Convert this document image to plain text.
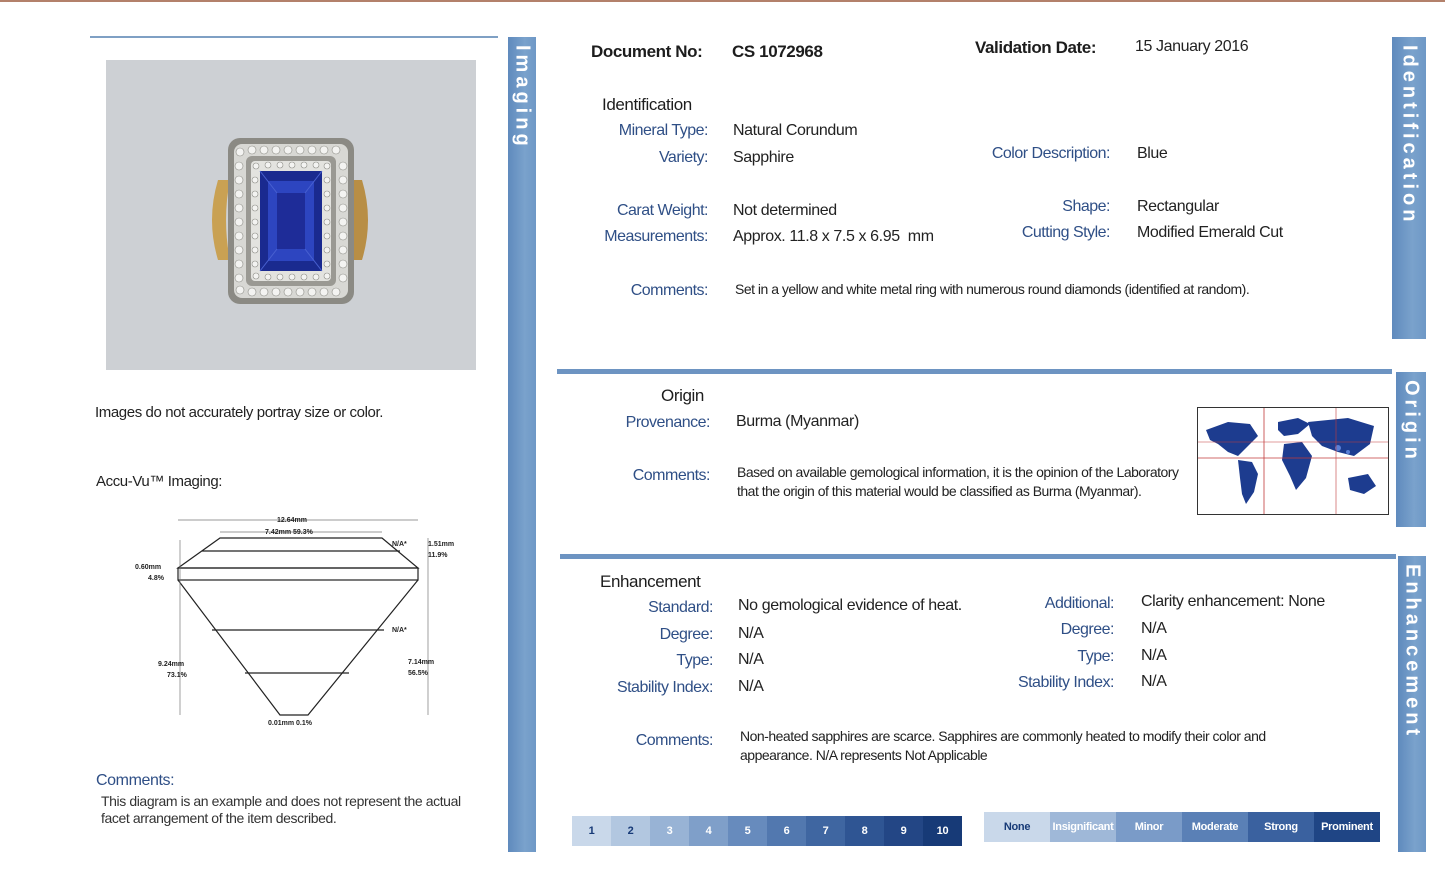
Images do not accurately portray size or color.
Accu-Vu™ Imaging:
12.64mm
7.42mm 59.3%
N/A*	1.51mm
11.9%
0.60mm
4.8%
N/A*
9.24mm
73.1%
7.14mm
56.5%
0.01mm 0.1%
Comments:
This diagram is an example and does not represent the actual facet arrangement of the item described.
Imaging	Document No: CS 1072968	Validation Date: 15 January 2016
Identification
Mineral Type: Natural Corundum
Variety: Sapphire	Color Description: Blue
Carat Weight: Not determined	Shape: Rectangular
Measurements: Approx. 11.8 x 7.5 x 6.95  mm	Cutting Style: Modified Emerald Cut
Comments: Set in a yellow and white metal ring with numerous round diamonds (identified at random).
Identification
Origin
Provenance: Burma (Myanmar)
Comments: Based on available gemological information, it is the opinion of the Laboratory that the origin of this material would be classified as Burma (Myanmar).
Origin
Enhancement
Standard: No gemological evidence of heat.
Degree: N/A
Type: N/A
Stability Index: N/A
Additional: Clarity enhancement: None
Degree: N/A
Type: N/A
Stability Index: N/A
Comments: Non-heated sapphires are scarce. Sapphires are commonly heated to modify their color and appearance. N/A represents Not Applicable
Enhancement
1	2	3	4	5	6	7	8	9	10	None	Insignificant	Minor	Moderate	Strong	Prominent
